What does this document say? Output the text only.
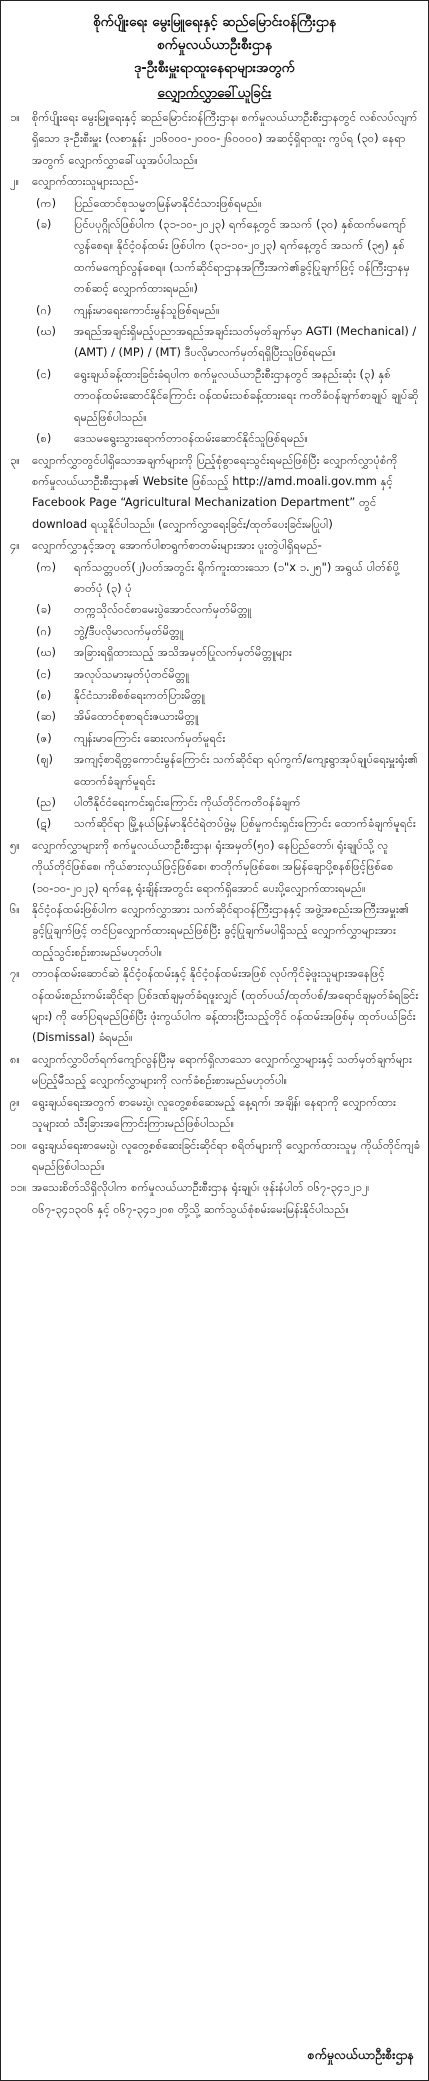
စိုက်ပျိုးရေး မွေးမြူရေးနှင့် ဆည်မြောင်းဝန်ကြီးဌာန
စက်မှုလယ်ယာဦးစီးဌာန
ဒု-ဦးစီးမှူးရာထူးနေရာများအတွက်
လျှောက်လွှာခေါ်ယူခြင်း
၁။	စိုက်ပျိုးရေး မွေးမြူရေးနှင့် ဆည်မြောင်းဝန်ကြီးဌာန၊ စက်မှုလယ်ယာဦးစီးဌာနတွင် လစ်လပ်လျက်ရှိသော ဒု-ဦးစီးမှူး (လစာနှုန်း ၂၁၆၀၀၀-၂၀၀၀-၂၆၀၀၀၀) အဆင့်ရှိရာထူး ကွပ်ရ (၃၀) နေရာအတွက် လျှောက်လွှာခေါ်ယူအပ်ပါသည်။
၂။	လျှောက်ထားသူများသည်-
(က)	ပြည်ထောင်စုသမ္မတမြန်မာနိုင်ငံသားဖြစ်ရမည်။
(ခ)	ပြင်ပပုဂ္ဂိုလ်ဖြစ်ပါက (၃၁-၁၀-၂၀၂၃) ရက်နေ့တွင် အသက် (၃၀) နှစ်ထက်မကျော်လွန်စေရ။ နိုင်ငံ့ဝန်ထမ်း ဖြစ်ပါက (၃၁-၁၀-၂၀၂၃) ရက်နေ့တွင် အသက် (၃၅) နှစ်ထက်မကျော်လွန်စေရ။ (သက်ဆိုင်ရာဌာနအကြီးအကဲ၏ခွင့်ပြုချက်ဖြင့် ဝန်ကြီးဌာနမှတစ်ဆင့် လျှောက်ထားရမည်။)
(ဂ)	ကျန်းမာရေးကောင်းမွန်သူဖြစ်ရမည်။
(ဃ)	အရည်အချင်းရှိမည့်ပညာအရည်အချင်းသတ်မှတ်ချက်မှာ AGTI (Mechanical) / (AMT) / (MP) / (MT) ဒီပလိုမာလက်မှတ်ရရှိပြီးသူဖြစ်ရမည်။
(င)	ရွေးချယ်ခန့်ထားခြင်းခံရပါက စက်မှုလယ်ယာဦးစီးဌာနတွင် အနည်းဆုံး (၃) နှစ် တာဝန်ထမ်းဆောင်နိုင်ကြောင်း ဝန်ထမ်းသစ်ခန့်ထားရေး ကတိခံဝန်ချက်စာချုပ် ချုပ်ဆိုရမည်ဖြစ်ပါသည်။
(စ)	ဒေသမရွေးသွားရောက်တာဝန်ထမ်းဆောင်နိုင်သူဖြစ်ရမည်။
၃။	လျှောက်လွှာတွင်ပါရှိသောအချက်များကို ပြည့်စုံစွာရေးသွင်းရမည်ဖြစ်ပြီး လျှောက်လွှာပုံစံကို စက်မှုလယ်ယာဦးစီးဌာန၏ Website ဖြစ်သည့် http://amd.moali.gov.mm နှင့် Facebook Page “Agricultural Mechanization Department” တွင် download ရယူနိုင်ပါသည်။ (လျှောက်လွှာရေးခြင်း/ထုတ်ပေးခြင်းမပြုပါ)
၄။	လျှောက်လွှာနှင့်အတူ အောက်ပါစာရွက်စာတမ်းများအား ပူးတွဲပါရှိရမည်-
(က)	ရက်သတ္တပတ်(၂)ပတ်အတွင်း ရိုက်ကူးထားသော (၁"x ၁.၂၅") အရွယ် ပါတ်စ်ပို့ဓာတ်ပုံ (၃) ပုံ
(ခ)	တက္ကသိုလ်ဝင်စာမေးပွဲအောင်လက်မှတ်မိတ္တူ
(ဂ)	ဘွဲ့/ဒီပလိုမာလက်မှတ်မိတ္တူ
(ဃ)	အခြားရရှိထားသည့် အသိအမှတ်ပြုလက်မှတ်မိတ္တူများ
(င)	အလုပ်သမားမှတ်ပုံတင်မိတ္တူ
(စ)	နိုင်ငံသားစိစစ်ရေးကတ်ပြားမိတ္တူ
(ဆ)	အိမ်ထောင်စုစာရင်းဇယားမိတ္တူ
(ဇ)	ကျန်းမာကြောင်း ဆေးလက်မှတ်မူရင်း
(ဈ)	အကျင့်စာရိတ္တကောင်းမွန်ကြောင်း သက်ဆိုင်ရာ ရပ်ကွက်/ကျေးရွာအုပ်ချုပ်ရေးမှူးရုံး၏ ထောက်ခံချက်မူရင်း
(ည)	ပါတီနိုင်ငံရေးကင်းရှင်းကြောင်း ကိုယ်တိုင်ကတိဝန်ခံချက်
(ဋ)	သက်ဆိုင်ရာ မြို့နယ်မြန်မာနိုင်ငံရဲတပ်ဖွဲ့မှ ပြစ်မှုကင်းရှင်းကြောင်း ထောက်ခံချက်မူရင်း
၅။	လျှောက်လွှာများကို စက်မှုလယ်ယာဦးစီးဌာန၊ ရုံးအမှတ်(၅၀) နေပြည်တော်၊ ရုံးချုပ်သို့ လူကိုယ်တိုင်ဖြစ်စေ၊ ကိုယ်စားလှယ်ဖြင့်ဖြစ်စေ၊ စာတိုက်မှဖြစ်စေ၊ အမြန်ချောပို့စနစ်ဖြင့်ဖြစ်စေ (၁၀-၁၀-၂၀၂၃) ရက်နေ့ ရုံးချိန်းအတွင်း ရောက်ရှိအောင် ပေးပို့လျှောက်ထားရမည်။
၆။	နိုင်ငံ့ဝန်ထမ်းဖြစ်ပါက လျှောက်လွှာအား သက်ဆိုင်ရာဝန်ကြီးဌာနနှင့် အဖွဲ့အစည်းအကြီးအမှူး၏ ခွင့်ပြုချက်ဖြင့် တင်ပြလျှောက်ထားရမည်ဖြစ်ပြီး ခွင့်ပြုချက်မပါရှိသည့် လျှောက်လွှာများအား ထည့်သွင်းစဉ်းစားမည်မဟုတ်ပါ။
၇။	တာဝန်ထမ်းဆောင်ဆဲ နိုင်ငံ့ဝန်ထမ်းနှင့် နိုင်ငံ့ဝန်ထမ်းအဖြစ် လုပ်ကိုင်ခဲ့ဖူးသူများအနေဖြင့် ဝန်ထမ်းစည်းကမ်းဆိုင်ရာ ပြစ်ဒဏ်ချမှတ်ခံရဖူးလျှင် (ထုတ်ပယ်/ထုတ်ပစ်/အရောင်ချမှတ်ခံရခြင်းများ) ကို ဖော်ပြရမည်ဖြစ်ပြီး ဖုံးကွယ်ပါက ခန့်ထားပြီးသည့်တိုင် ဝန်ထမ်းအဖြစ်မှ ထုတ်ပယ်ခြင်း (Dismissal) ခံရမည်။
၈။	လျှောက်လွှာပိတ်ရက်ကျော်လွန်ပြီးမှ ရောက်ရှိလာသော လျှောက်လွှာများနှင့် သတ်မှတ်ချက်များ မပြည့်မီသည့် လျှောက်လွှာများကို လက်ခံစဉ်းစားမည်မဟုတ်ပါ။
၉။	ရွေးချယ်ရေးအတွက် စာမေးပွဲ၊ လူတွေ့စစ်ဆေးမည့် နေ့ရက်၊ အချိန်၊ နေရာကို လျှောက်ထားသူများထံ သီးခြားအကြောင်းကြားမည်ဖြစ်ပါသည်။
၁၀။ ရွေးချယ်ရေးစာမေးပွဲ၊ လူတွေ့စစ်ဆေးခြင်းဆိုင်ရာ စရိတ်များကို လျှောက်ထားသူမှ ကိုယ်တိုင်ကျခံရမည်ဖြစ်ပါသည်။
၁၁။ အသေးစိတ်သိရှိလိုပါက စက်မှုလယ်ယာဦးစီးဌာန ရုံးချုပ်၊ ဖုန်းနံပါတ် ၀၆၇-၃၄၁၂၁၂၊ ၀၆၇-၃၄၁၃၀၆ နှင့် ၀၆၇-၃၄၁၂၀၈ တို့သို့ ဆက်သွယ်စုံစမ်းမေးမြန်းနိုင်ပါသည်။
စက်မှုလယ်ယာဦးစီးဌာန
